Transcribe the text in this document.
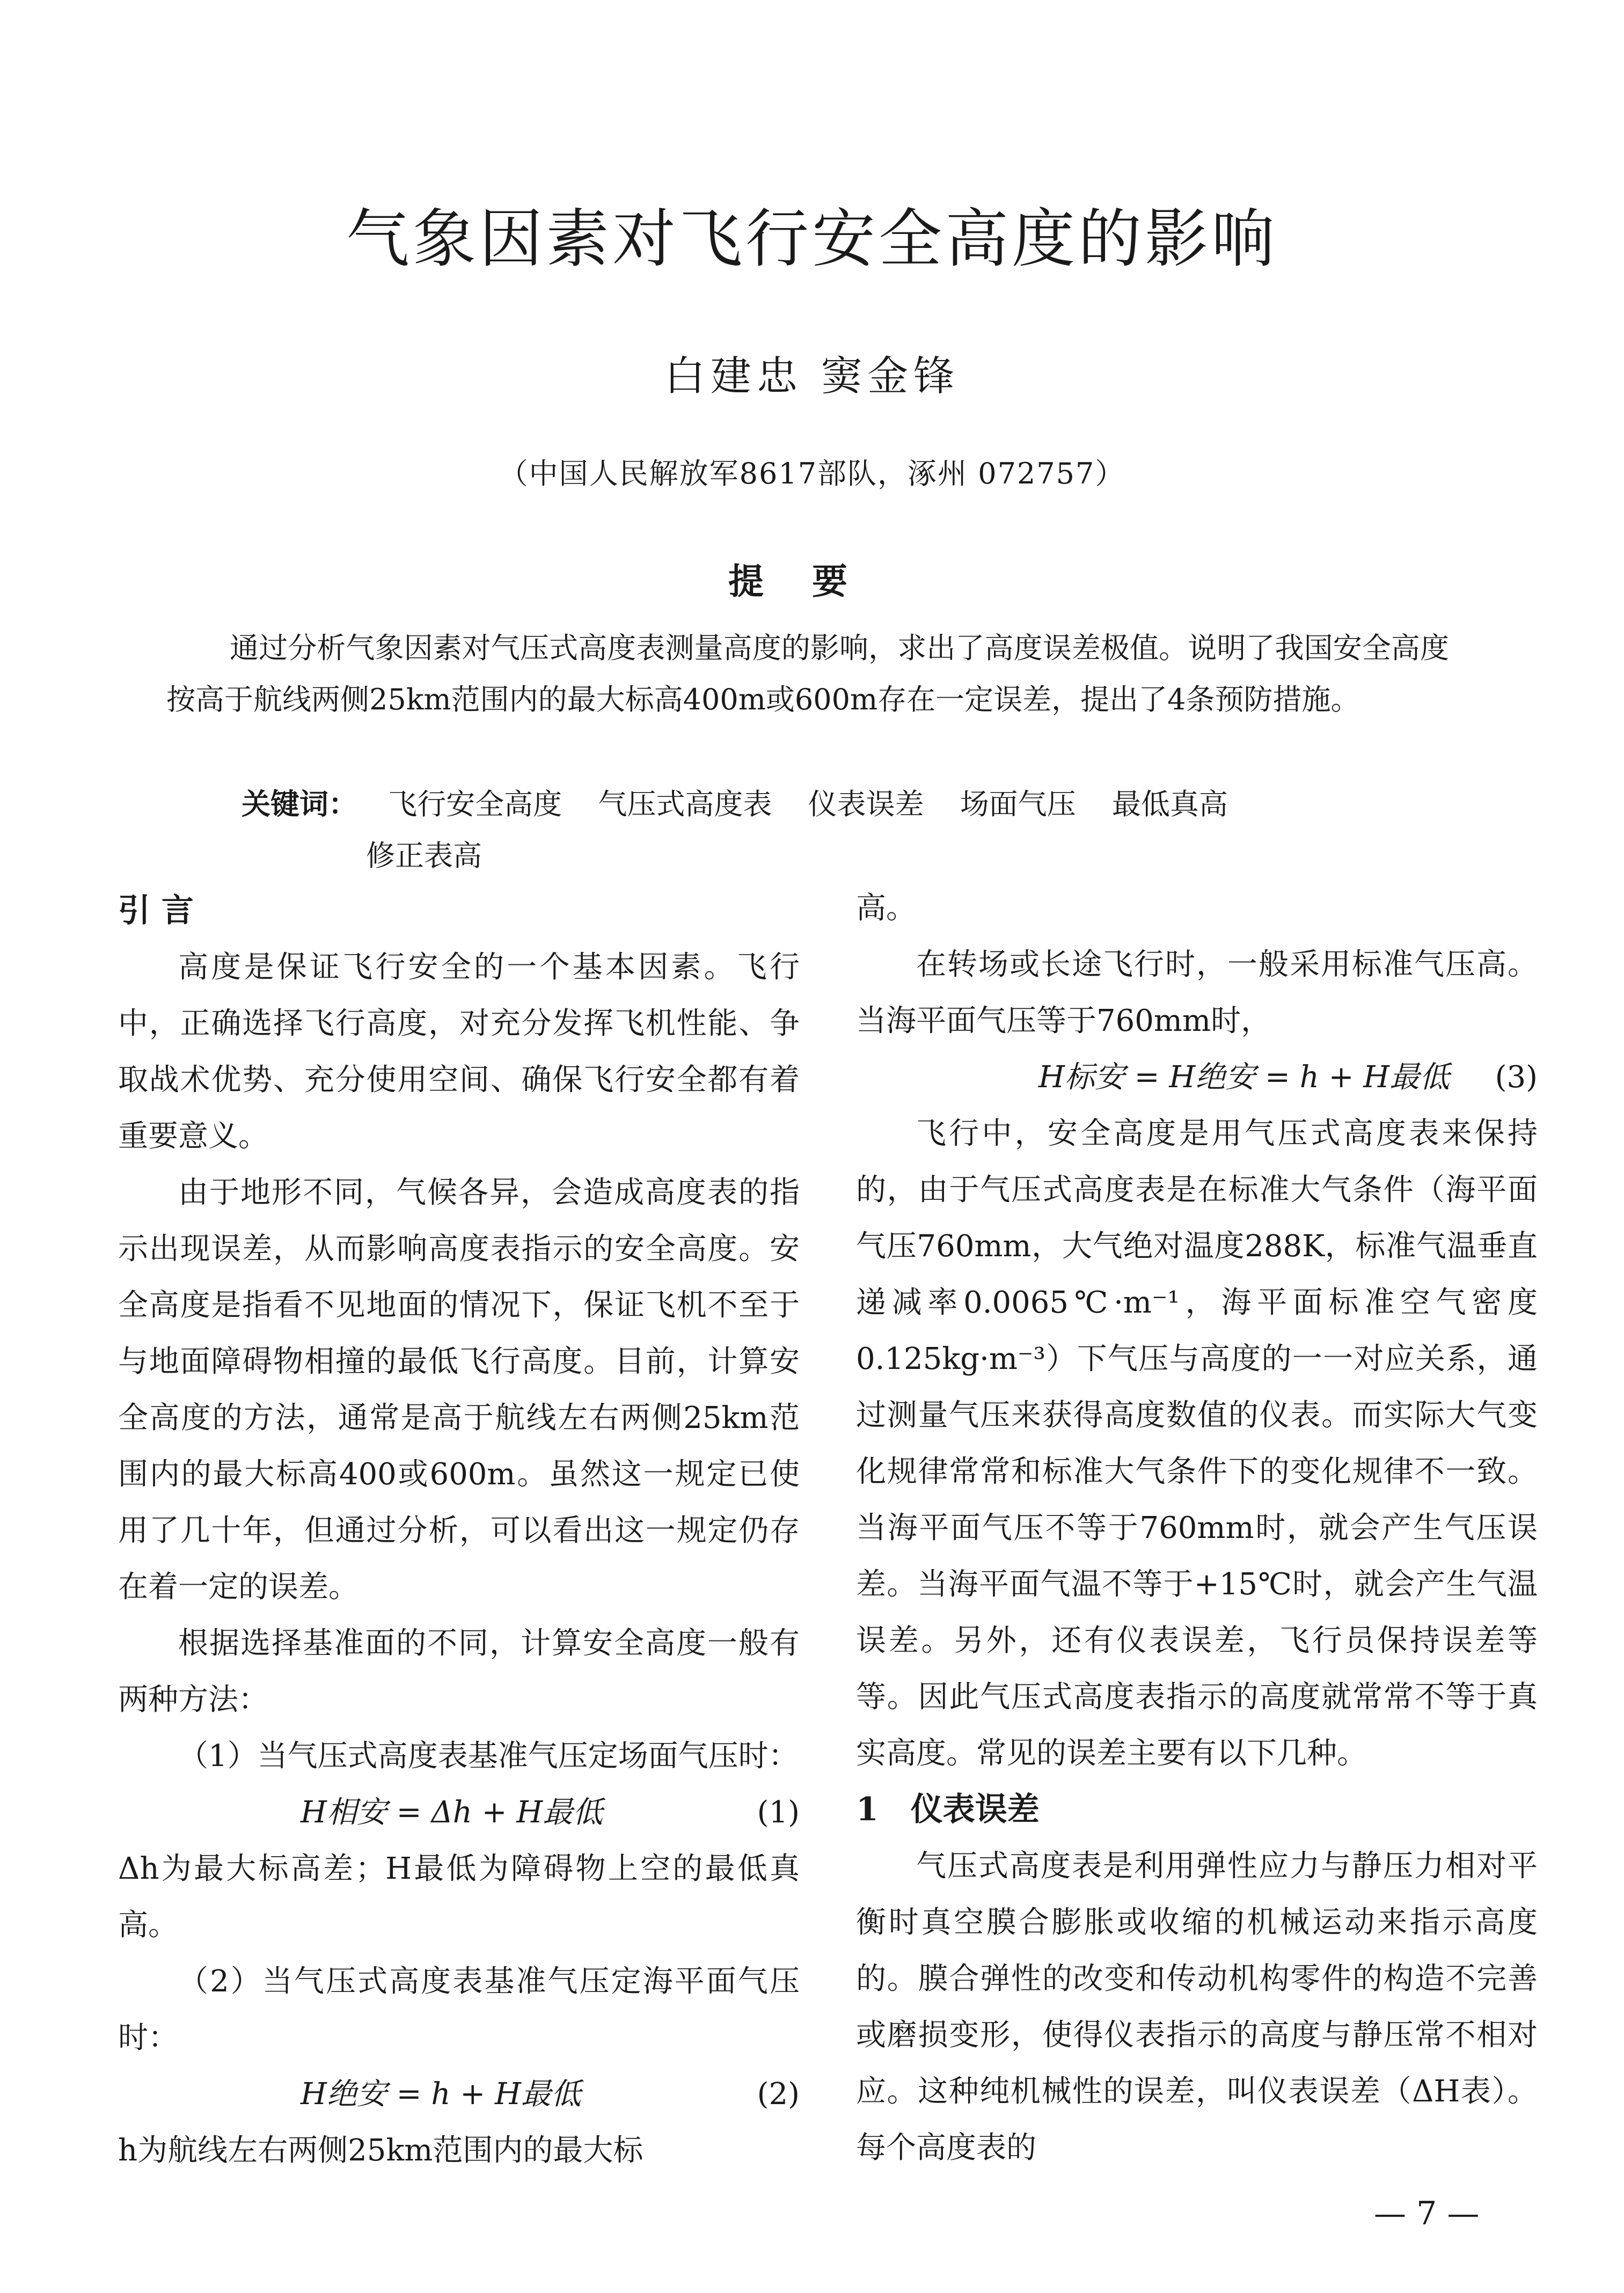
气象因素对飞行安全高度的影响
白建忠 窦金锋
（中国人民解放军8617部队，涿州 072757）
提要
通过分析气象因素对气压式高度表测量高度的影响，求出了高度误差极值。说明了我国安全高度按高于航线两侧25km范围内的最大标高400m或600m存在一定误差，提出了4条预防措施。
关键词： 飞行安全高度 气压式高度表 仪表误差 场面气压 最低真高
修正表高

引 言

高度是保证飞行安全的一个基本因素。飞行中，正确选择飞行高度，对充分发挥飞机性能、争取战术优势、充分使用空间、确保飞行安全都有着重要意义。

由于地形不同，气候各异，会造成高度表的指示出现误差，从而影响高度表指示的安全高度。安全高度是指看不见地面的情况下，保证飞机不至于与地面障碍物相撞的最低飞行高度。目前，计算安全高度的方法，通常是高于航线左右两侧25km范围内的最大标高400或600m。虽然这一规定已使用了几十年，但通过分析，可以看出这一规定仍存在着一定的误差。

根据选择基准面的不同，计算安全高度一般有两种方法：

（1）当气压式高度表基准气压定场面气压时：

H相安 = Δh + H最低	(1)

Δh为最大标高差；H最低为障碍物上空的最低真高。

（2）当气压式高度表基准气压定海平面气压时：

H绝安 = h + H最低	(2)

h为航线左右两侧25km范围内的最大标

高。

在转场或长途飞行时，一般采用标准气压高。当海平面气压等于760mm时，

H标安 = H绝安 = h + H最低 (3)

飞行中，安全高度是用气压式高度表来保持的，由于气压式高度表是在标准大气条件（海平面气压760mm，大气绝对温度288K，标准气温垂直递减率0.0065℃·m⁻¹，海平面标准空气密度0.125kg·m⁻³）下气压与高度的一一对应关系，通过测量气压来获得高度数值的仪表。而实际大气变化规律常常和标准大气条件下的变化规律不一致。当海平面气压不等于760mm时，就会产生气压误差。当海平面气温不等于+15℃时，就会产生气温误差。另外，还有仪表误差，飞行员保持误差等等。因此气压式高度表指示的高度就常常不等于真实高度。常见的误差主要有以下几种。

1 仪表误差

气压式高度表是利用弹性应力与静压力相对平衡时真空膜合膨胀或收缩的机械运动来指示高度的。膜合弹性的改变和传动机构零件的构造不完善或磨损变形，使得仪表指示的高度与静压常不相对应。这种纯机械性的误差，叫仪表误差（ΔH表）。每个高度表的

— 7 —
